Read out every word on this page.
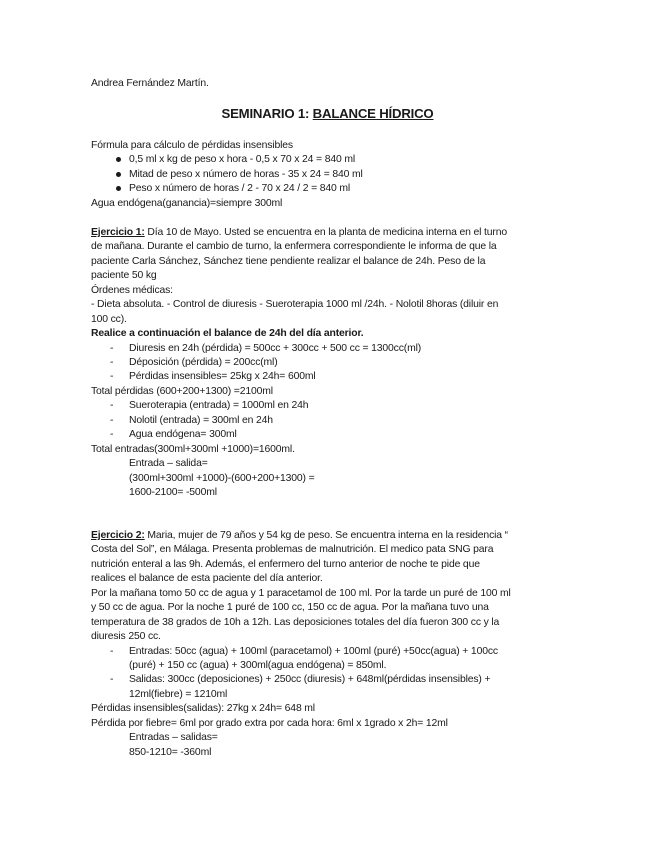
Andrea Fernández Martín.
SEMINARIO 1: BALANCE HÍDRICO
Fórmula para cálculo de pérdidas insensibles
0,5 ml x kg de peso x hora - 0,5 x 70 x 24 = 840 ml
Mitad de peso x número de horas - 35 x 24 = 840 ml
Peso x número de horas / 2 - 70 x 24 / 2 = 840 ml
Agua endógena(ganancia)=siempre 300ml
Ejercicio 1: Día 10 de Mayo. Usted se encuentra en la planta de medicina interna en el turno
de mañana. Durante el cambio de turno, la enfermera correspondiente le informa de que la
paciente Carla Sánchez, Sánchez tiene pendiente realizar el balance de 24h. Peso de la
paciente 50 kg
Órdenes médicas:
- Dieta absoluta. - Control de diuresis - Sueroterapia 1000 ml /24h. - Nolotil 8horas (diluir en
100 cc).
Realice a continuación el balance de 24h del día anterior.
- Diuresis en 24h (pérdida) = 500cc + 300cc + 500 cc = 1300cc(ml)
- Déposición (pérdida) = 200cc(ml)
- Pérdidas insensibles= 25kg x 24h= 600ml
Total pérdidas (600+200+1300) =2100ml
- Sueroterapia (entrada) = 1000ml en 24h
- Nolotil (entrada) = 300ml en 24h
- Agua endógena= 300ml
Total entradas(300ml+300ml +1000)=1600ml.
Entrada – salida=
(300ml+300ml +1000)-(600+200+1300) =
1600-2100= -500ml
Ejercicio 2: Maria, mujer de 79 años y 54 kg de peso. Se encuentra interna en la residencia “
Costa del Sol”, en Málaga. Presenta problemas de malnutrición. El medico pata SNG para
nutrición enteral a las 9h. Además, el enfermero del turno anterior de noche te pide que
realices el balance de esta paciente del día anterior.
Por la mañana tomo 50 cc de agua y 1 paracetamol de 100 ml. Por la tarde un puré de 100 ml
y 50 cc de agua. Por la noche 1 puré de 100 cc, 150 cc de agua. Por la mañana tuvo una
temperatura de 38 grados de 10h a 12h. Las deposiciones totales del día fueron 300 cc y la
diuresis 250 cc.
- Entradas: 50cc (agua) + 100ml (paracetamol) + 100ml (puré) +50cc(agua) + 100cc
(puré) + 150 cc (agua) + 300ml(agua endógena) = 850ml.
- Salidas: 300cc (deposiciones) + 250cc (diuresis) + 648ml(pérdidas insensibles) +
12ml(fiebre) = 1210ml
Pérdidas insensibles(salidas): 27kg x 24h= 648 ml
Pérdida por fiebre= 6ml por grado extra por cada hora: 6ml x 1grado x 2h= 12ml
Entradas – salidas=
850-1210= -360ml
